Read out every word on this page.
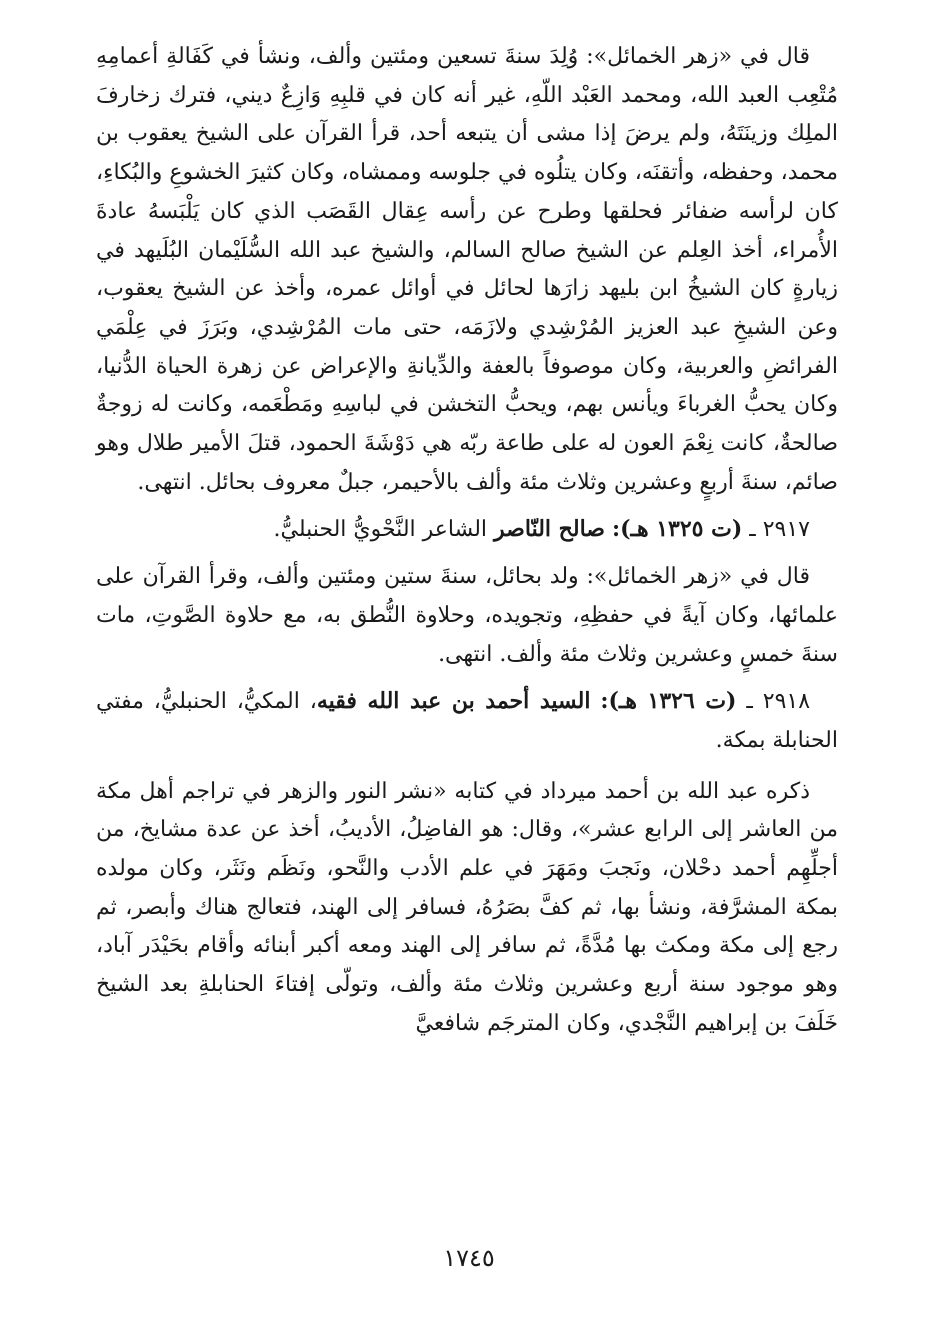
قال في «زهر الخمائل»: وُلِدَ سنةَ تسعين ومئتين وألف، ونشأ في كَفَالةِ أعمامِهِ مُتْعِب العبد الله، ومحمد العَبْد اللّهِ، غير أنه كان في قلبِهِ وَازِعٌ ديني، فترك زخارفَ الملِك وزينَتَهُ، ولم يرضَ إذا مشى أن يتبعه أحد، قرأ القرآن على الشيخ يعقوب بن محمد، وحفظه، وأتقنَه، وكان يتلُوه في جلوسه وممشاه، وكان كثيرَ الخشوعِ والبُكاءِ، كان لرأسه ضفائر فحلقها وطرح عن رأسه عِقال القَصَب الذي كان يَلْبَسهُ عادةَ الأُمراء، أخذ العِلم عن الشيخ صالح السالم، والشيخ عبد الله السُّلَيْمان البُلَيهد في زيارةٍ كان الشيخُ ابن بليهد زارَها لحائل في أوائل عمره، وأخذ عن الشيخ يعقوب، وعن الشيخِ عبد العزيز المُرْشِدي ولازَمَه، حتى مات المُرْشِدي، وبَرَزَ في عِلْمَي الفرائضِ والعربية، وكان موصوفاً بالعفة والدِّيانةِ والإعراض عن زهرة الحياة الدُّنيا، وكان يحبُّ الغرباءَ ويأنس بهم، ويحبُّ التخشن في لباسِهِ ومَطْعَمه، وكانت له زوجةٌ صالحةٌ، كانت نِعْمَ العون له على طاعة ربّه هي دَوْشَةَ الحمود، قتلَ الأمير طلال وهو صائم، سنةَ أربعٍ وعشرين وثلاث مئة وألف بالأحيمر، جبلٌ معروف بحائل. انتهى.

٢٩١٧ ـ (ت ١٣٢٥ هـ): صالح النّاصر الشاعر النَّحْويُّ الحنبليُّ.

قال في «زهر الخمائل»: ولد بحائل، سنةَ ستين ومئتين وألف، وقرأ القرآن على علمائها، وكان آيةً في حفظِهِ، وتجويده، وحلاوة النُّطق به، مع حلاوة الصَّوتِ، مات سنةَ خمسٍ وعشرين وثلاث مئة وألف. انتهى.

٢٩١٨ ـ (ت ١٣٢٦ هـ): السيد أحمد بن عبد الله فقيه، المكيُّ، الحنبليُّ، مفتي الحنابلة بمكة.

ذكره عبد الله بن أحمد ميرداد في كتابه «نشر النور والزهر في تراجم أهل مكة من العاشر إلى الرابع عشر»، وقال: هو الفاضِلُ، الأديبُ، أخذ عن عدة مشايخ، من أجلِّهِم أحمد دحْلان، ونَجبَ ومَهَرَ في علم الأدب والنَّحو، ونَظَم ونَثَر، وكان مولده بمكة المشرَّفة، ونشأ بها، ثم كفَّ بصَرُهُ، فسافر إلى الهند، فتعالج هناك وأبصر، ثم رجع إلى مكة ومكث بها مُدَّةً، ثم سافر إلى الهند ومعه أكبر أبنائه وأقام بحَيْدَر آباد، وهو موجود سنة أربع وعشرين وثلاث مئة وألف، وتولّى إفتاءَ الحنابلةِ بعد الشيخ خَلَفَ بن إبراهيم النَّجْدي، وكان المترجَم شافعيَّ

١٧٤٥
